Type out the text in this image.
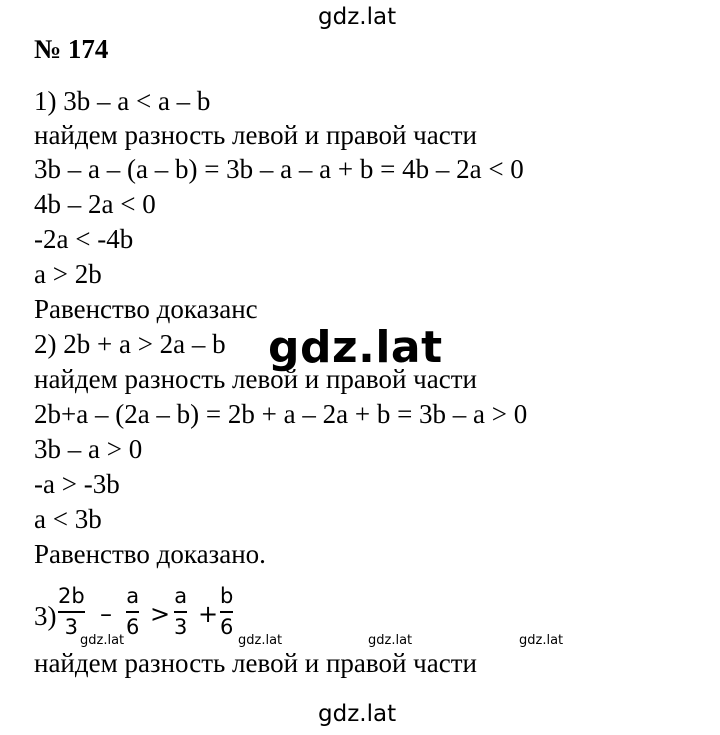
gdz.lat
№ 174
1) 3b – a < a – b
найдем разность левой и правой части
3b – a – (a – b) = 3b – a – a + b = 4b – 2a < 0
4b – 2a < 0
-2a < -4b
a > 2b
Равенство доказанс
2) 2b + a > 2a – b gdz.lat
найдем разность левой и правой части
2b+a – (2a – b) = 2b + a – 2a + b = 3b – a > 0
3b – a > 0
-a > -3b
a < 3b
Равенство доказано.
3)
2b
3 –
a
6 >
a
3 +
b
6
gdz.lat	gdz.lat	gdz.lat	gdz.lat
найдем разность левой и правой части
gdz.lat
